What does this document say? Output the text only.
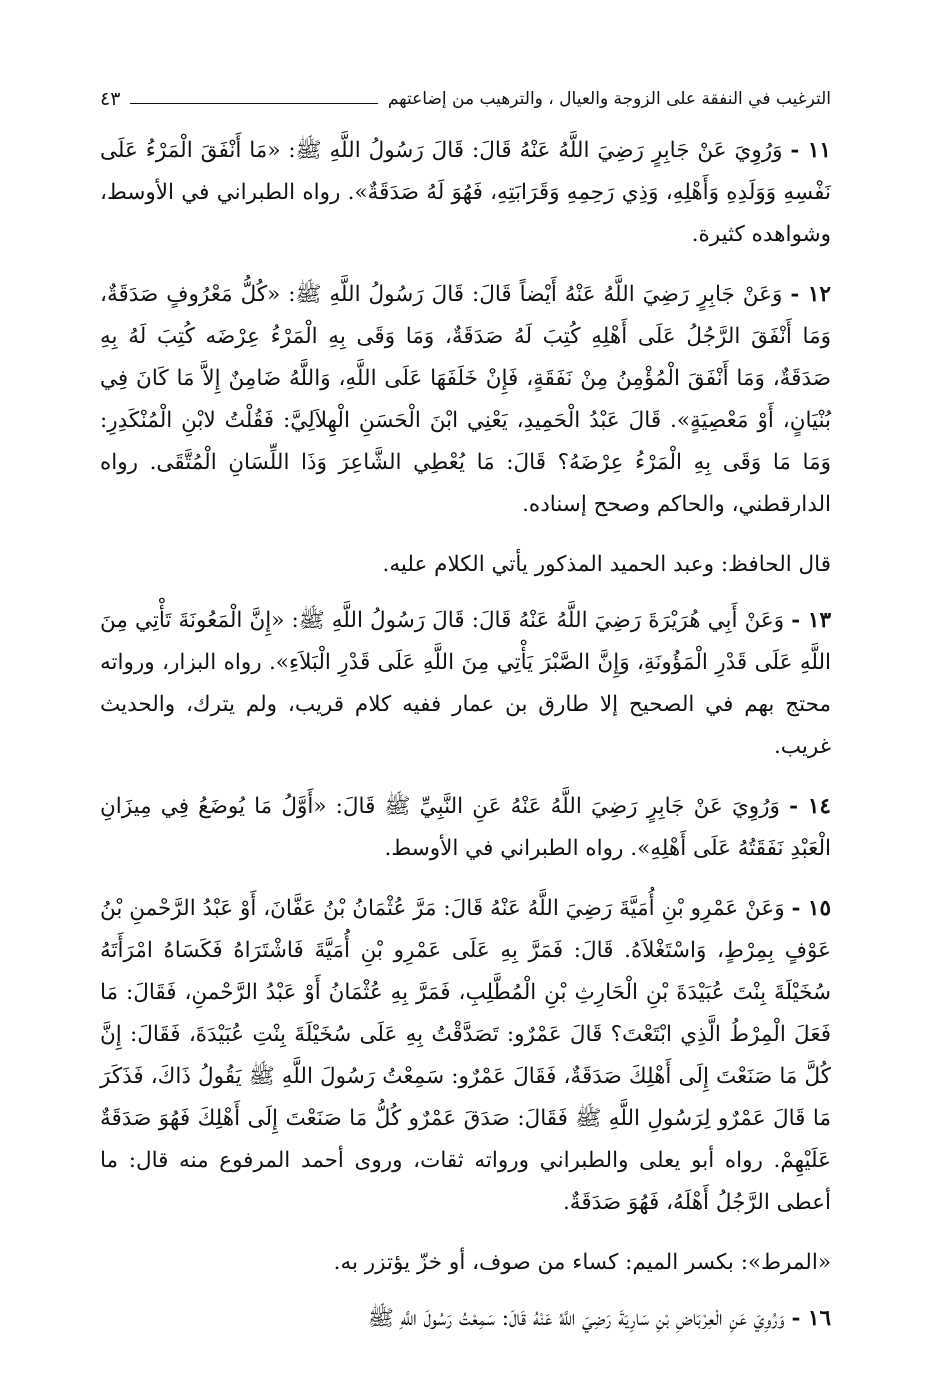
الترغيب في النفقة على الزوجة والعيال ، والترهيب من إضاعتهم
٤٣

١١ - وَرُوِيَ عَنْ جَابِرٍ رَضِيَ اللَّهُ عَنْهُ قَالَ: قَالَ رَسُولُ اللَّهِ ﷺ: «مَا أَنْفَقَ الْمَرْءُ عَلَى نَفْسِهِ وَوَلَدِهِ وَأَهْلِهِ، وَذِي رَحِمِهِ وَقَرَابَتِهِ، فَهُوَ لَهُ صَدَقَةٌ». رواه الطبراني في الأوسط، وشواهده كثيرة.

١٢ - وَعَنْ جَابِرٍ رَضِيَ اللَّهُ عَنْهُ أَيْضاً قَالَ: قَالَ رَسُولُ اللَّهِ ﷺ: «كُلُّ مَعْرُوفٍ صَدَقَةٌ، وَمَا أَنْفَقَ الرَّجُلُ عَلَى أَهْلِهِ كُتِبَ لَهُ صَدَقَةٌ، وَمَا وَقَى بِهِ الْمَرْءُ عِرْضَه كُتِبَ لَهُ بِهِ صَدَقَةٌ، وَمَا أَنْفَقَ الْمُؤْمِنُ مِنْ نَفَقَةٍ، فَإِنْ خَلَفَهَا عَلَى اللَّهِ، وَاللَّهُ ضَامِنٌ إِلاَّ مَا كَانَ فِي بُنْيَانٍ، أَوْ مَعْصِيَةٍ». قَالَ عَبْدُ الْحَمِيدِ، يَعْنِي ابْنَ الْحَسَنِ الْهِلاَلِيَّ: فَقُلْتُ لابْنِ الْمُنْكَدِرِ: وَمَا مَا وَقَى بِهِ الْمَرْءُ عِرْضَهُ؟ قَالَ: مَا يُعْطِي الشَّاعِرَ وَذَا اللِّسَانِ الْمُتَّقَى. رواه الدارقطني، والحاكم وصحح إسناده.

قال الحافظ: وعبد الحميد المذكور يأتي الكلام عليه.

١٣ - وَعَنْ أَبِي هُرَيْرَةَ رَضِيَ اللَّهُ عَنْهُ قَالَ: قَالَ رَسُولُ اللَّهِ ﷺ: «إِنَّ الْمَعُونَةَ تَأْتِي مِنَ اللَّهِ عَلَى قَدْرِ الْمَؤُونَةِ، وَإِنَّ الصَّبْرَ يَأْتِي مِنَ اللَّهِ عَلَى قَدْرِ الْبَلاَءِ». رواه البزار، ورواته محتج بهم في الصحيح إلا طارق بن عمار ففيه كلام قريب، ولم يترك، والحديث غريب.

١٤ - وَرُوِيَ عَنْ جَابِرٍ رَضِيَ اللَّهُ عَنْهُ عَنِ النَّبِيِّ ﷺ قَالَ: «أَوَّلُ مَا يُوضَعُ فِي مِيزَانِ الْعَبْدِ نَفَقَتُهُ عَلَى أَهْلِهِ». رواه الطبراني في الأوسط.

١٥ - وَعَنْ عَمْرِو بْنِ أُمَيَّةَ رَضِيَ اللَّهُ عَنْهُ قَالَ: مَرَّ عُثْمَانُ بْنُ عَفَّانَ، أَوْ عَبْدُ الرَّحْمنِ بْنُ عَوْفٍ بِمِرْطٍ، وَاسْتَغْلاَهُ. قَالَ: فَمَرَّ بِهِ عَلَى عَمْرِو بْنِ أُمَيَّةَ فَاشْتَرَاهُ فَكَسَاهُ امْرَأَتَهُ سُخَيْلَةَ بِنْتَ عُبَيْدَةَ بْنِ الْحَارِثِ بْنِ الْمُطَّلِبِ، فَمَرَّ بِهِ عُثْمَانُ أَوْ عَبْدُ الرَّحْمنِ، فَقَالَ: مَا فَعَلَ الْمِرْطُ الَّذِي ابْتَعْتَ؟ قَالَ عَمْرٌو: تَصَدَّقْتُ بِهِ عَلَى سُخَيْلَةَ بِنْتِ عُبَيْدَةَ، فَقَالَ: إِنَّ كُلَّ مَا صَنَعْتَ إِلَى أَهْلِكَ صَدَقَةٌ، فَقَالَ عَمْرٌو: سَمِعْتُ رَسُولَ اللَّهِ ﷺ يَقُولُ ذَاكَ، فَذَكَرَ مَا قَالَ عَمْرٌو لِرَسُولِ اللَّهِ ﷺ فَقَالَ: صَدَقَ عَمْرٌو كُلُّ مَا صَنَعْتَ إِلَى أَهْلِكَ فَهُوَ صَدَقَةٌ عَلَيْهِمْ. رواه أبو يعلى والطبراني ورواته ثقات، وروى أحمد المرفوع منه قال: ما أعطى الرَّجُلُ أَهْلَهُ، فَهُوَ صَدَقَةٌ.

«المرط»: بكسر الميم: كساء من صوف، أو خزّ يؤتزر به.

١٦ - وَرُوِيَ عَنِ الْعِرْبَاضِ بْنِ سَارِيَةَ رَضِيَ اللَّهُ عَنْهُ قَالَ: سَمِعْتُ رَسُولَ اللَّهِ ﷺ
